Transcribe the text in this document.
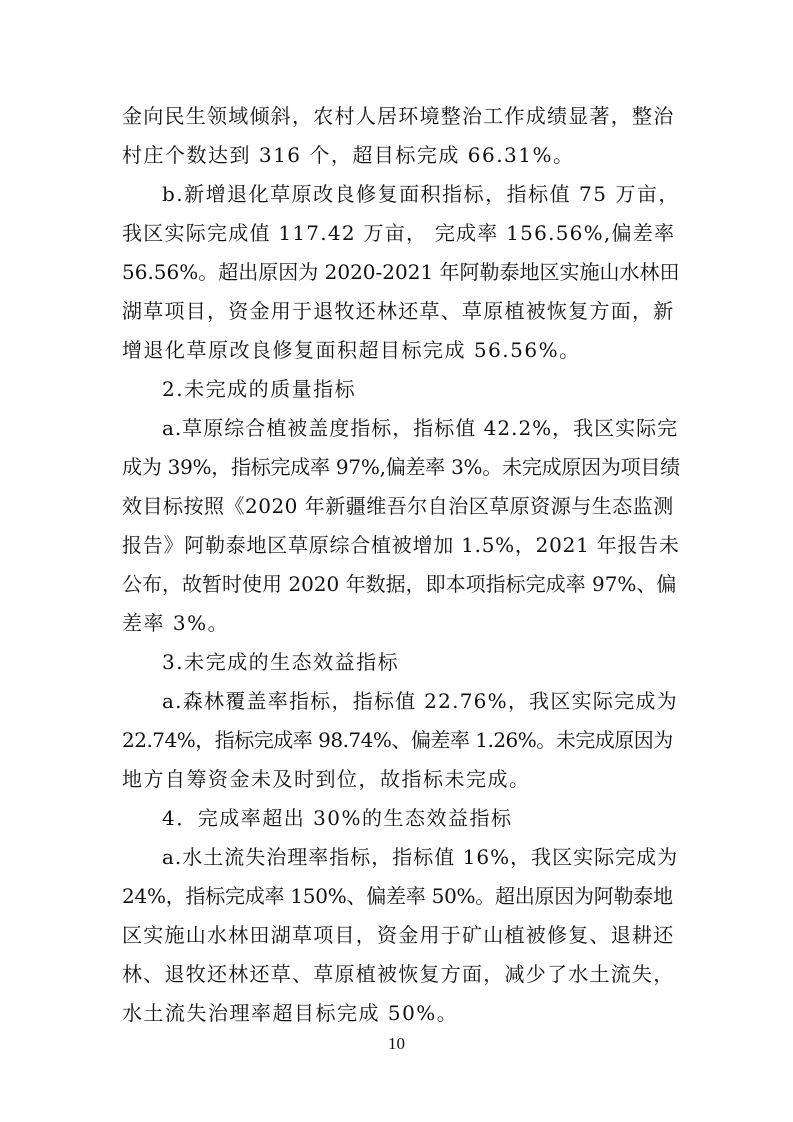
金向民生领域倾斜，农村人居环境整治工作成绩显著，整治
村庄个数达到 316 个，超目标完成 66.31%。
b.新增退化草原改良修复面积指标，指标值 75 万亩，
我区实际完成值 117.42 万亩， 完成率 156.56%,偏差率
56.56%。超出原因为 2020-2021 年阿勒泰地区实施山水林田
湖草项目，资金用于退牧还林还草、草原植被恢复方面，新
增退化草原改良修复面积超目标完成 56.56%。
2.未完成的质量指标
a.草原综合植被盖度指标，指标值 42.2%，我区实际完
成为 39%，指标完成率 97%,偏差率 3%。未完成原因为项目绩
效目标按照《2020 年新疆维吾尔自治区草原资源与生态监测
报告》阿勒泰地区草原综合植被增加 1.5%，2021 年报告未
公布，故暂时使用 2020 年数据，即本项指标完成率 97%、偏
差率 3%。
3.未完成的生态效益指标
a.森林覆盖率指标，指标值 22.76%，我区实际完成为
22.74%，指标完成率 98.74%、偏差率 1.26%。未完成原因为
地方自筹资金未及时到位，故指标未完成。
4．完成率超出 30%的生态效益指标
a.水土流失治理率指标，指标值 16%，我区实际完成为
24%，指标完成率 150%、偏差率 50%。超出原因为阿勒泰地
区实施山水林田湖草项目，资金用于矿山植被修复、退耕还
林、退牧还林还草、草原植被恢复方面，减少了水土流失，
水土流失治理率超目标完成 50%。
10
